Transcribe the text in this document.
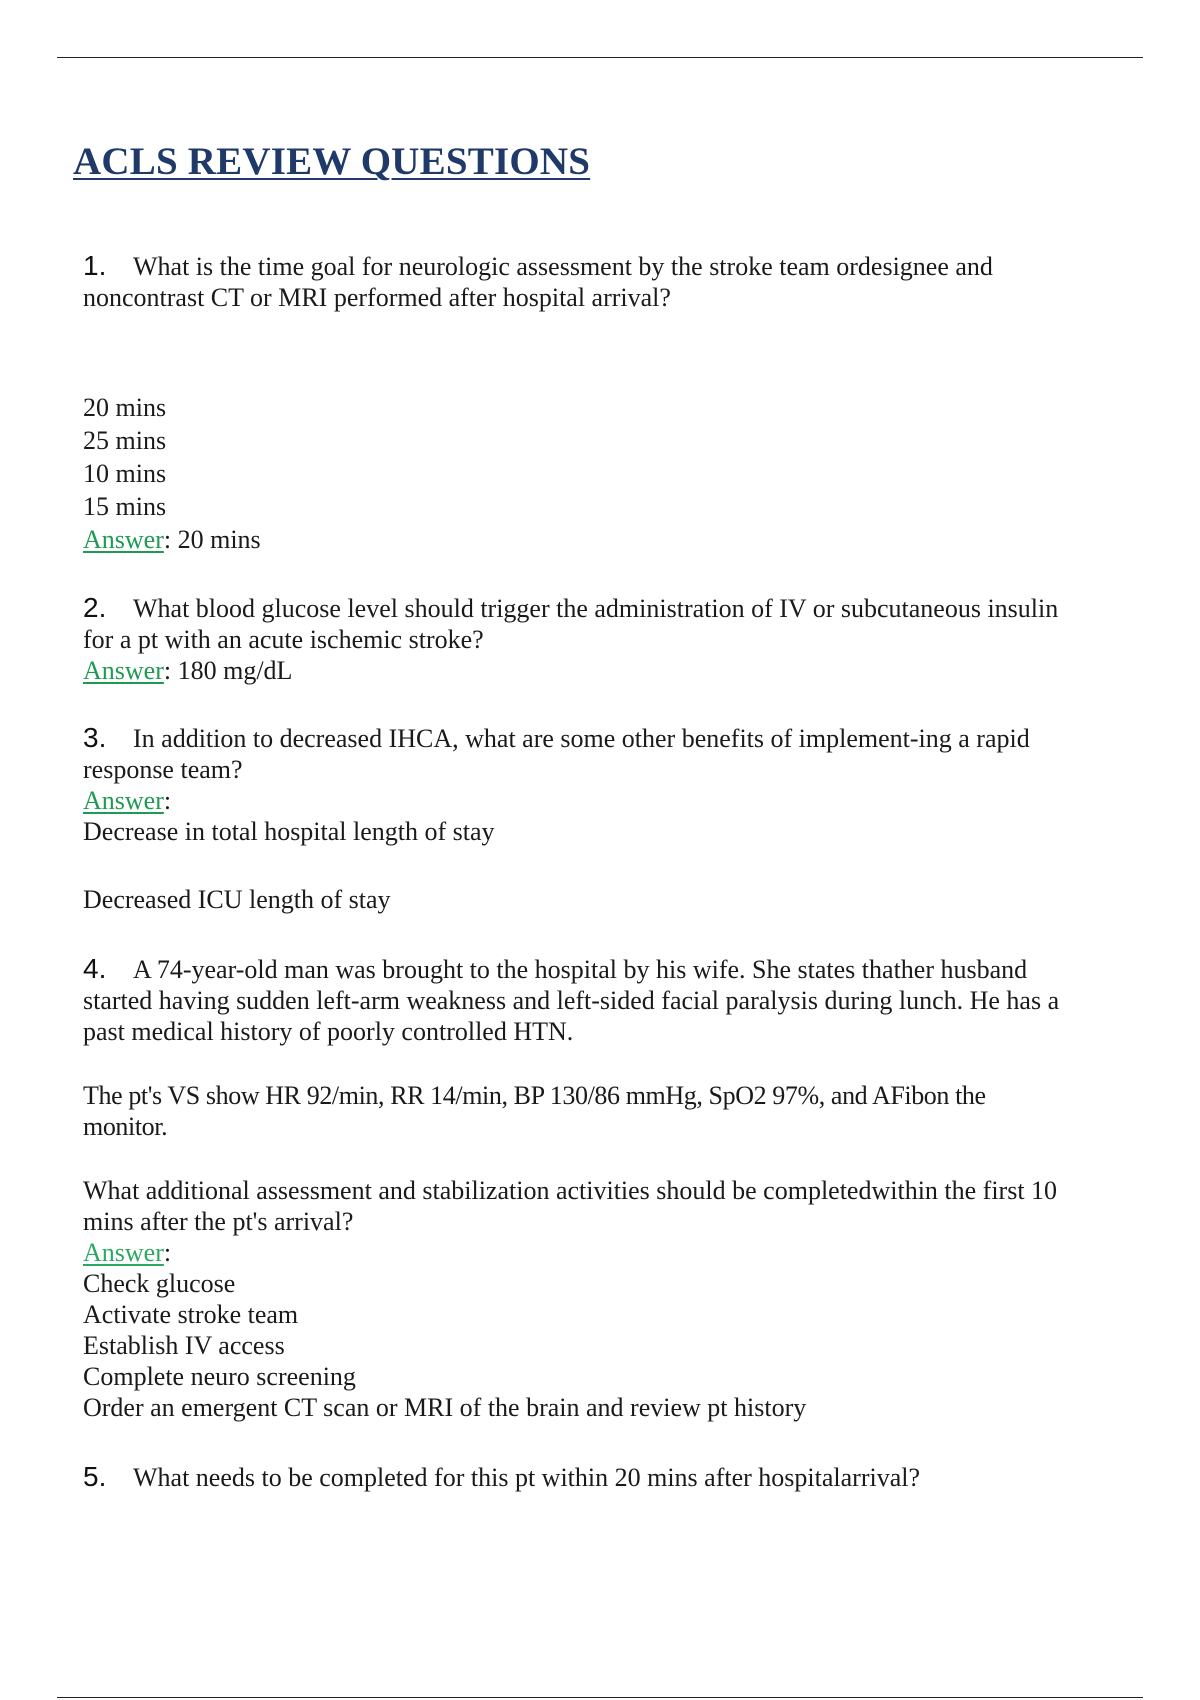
ACLS REVIEW QUESTIONS

1. What is the time goal for neurologic assessment by the stroke team ordesignee and
noncontrast CT or MRI performed after hospital arrival?

20 mins
25 mins
10 mins
15 mins
Answer: 20 mins

2. What blood glucose level should trigger the administration of IV or subcutaneous insulin
for a pt with an acute ischemic stroke?

Answer: 180 mg/dL

3. In addition to decreased IHCA, what are some other benefits of implement-ing a rapid
response team?

Answer:
Decrease in total hospital length of stay
Decreased ICU length of stay

4. A 74-year-old man was brought to the hospital by his wife. She states thather husband
started having sudden left-arm weakness and left-sided facial paralysis during lunch. He has a
past medical history of poorly controlled HTN.

The pt's VS show HR 92/min, RR 14/min, BP 130/86 mmHg, SpO2 97%, and AFibon the
monitor.

What additional assessment and stabilization activities should be completedwithin the first 10
mins after the pt's arrival?

Answer:
Check glucose
Activate stroke team
Establish IV access
Complete neuro screening
Order an emergent CT scan or MRI of the brain and review pt history

5. What needs to be completed for this pt within 20 mins after hospitalarrival?
